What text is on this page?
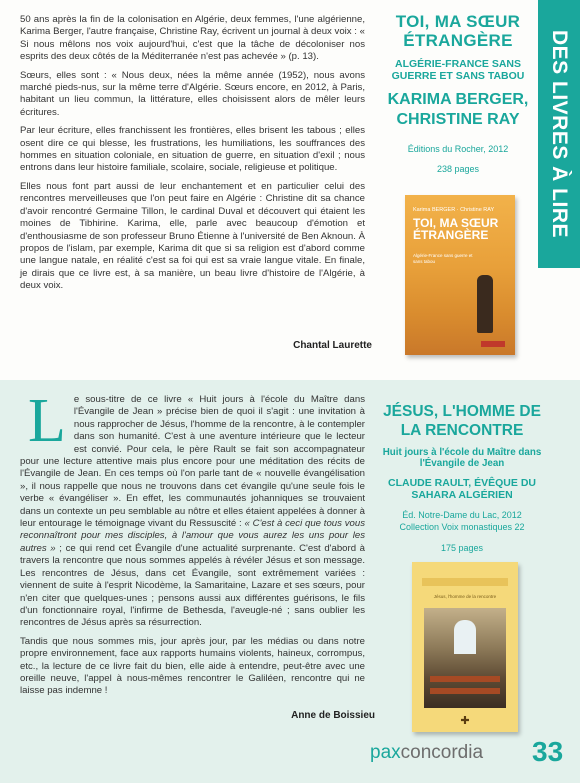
50 ans après la fin de la colonisation en Algérie, deux femmes, l'une algérienne, Karima Berger, l'autre française, Christine Ray, écrivent un journal à deux voix : « Si nous mêlons nos voix aujourd'hui, c'est que la tâche de décoloniser nos esprits des deux côtés de la Méditerranée n'est pas achevée » (p. 13).

Sœurs, elles sont : « Nous deux, nées la même année (1952), nous avons marché pieds-nus, sur la même terre d'Algérie. Sœurs encore, en 2012, à Paris, habitant un lieu commun, la littérature, elles choisissent alors de mêler leurs écritures.

Par leur écriture, elles franchissent les frontières, elles brisent les tabous ; elles osent dire ce qui blesse, les frustrations, les humiliations, les souffrances des hommes en situation coloniale, en situation de guerre, en situation d'exil ; nous entrons dans leur histoire familiale, scolaire, sociale, religieuse et politique.

Elles nous font part aussi de leur enchantement et en particulier celui des rencontres merveilleuses que l'on peut faire en Algérie : Christine dit sa chance d'avoir rencontré Germaine Tillon, le cardinal Duval et découvert qui étaient les moines de Tibhirine. Karima, elle, parle avec beaucoup d'émotion et d'enthousiasme de son professeur Bruno Étienne à l'université de Ben Aknoun. À propos de l'islam, par exemple, Karima dit que si sa religion est d'abord comme une langue natale, en réalité c'est sa foi qui est sa vraie langue vitale. En finale, je dirais que ce livre est, à sa manière, un beau livre d'histoire de l'Algérie, à deux voix.

Chantal Laurette
TOI, MA SŒUR ÉTRANGÈRE
ALGÉRIE-FRANCE SANS GUERRE ET SANS TABOU
KARIMA BERGER, CHRISTINE RAY
Éditions du Rocher, 2012
238 pages
Karima BERGER · Christine RAY
TOI, MA SŒUR ÉTRANGÈRE
Algérie-France sans guerre et sans tabou
DES LIVRES À LIRE

Le sous-titre de ce livre « Huit jours à l'école du Maître dans l'Évangile de Jean » précise bien de quoi il s'agit : une invitation à nous rapprocher de Jésus, l'homme de la rencontre, à le contempler dans son humanité. C'est à une aventure intérieure que le lecteur est convié. Pour cela, le père Rault se fait son accompagnateur pour une lecture attentive mais plus encore pour une méditation des récits de l'Évangile de Jean. En ces temps où l'on parle tant de « nouvelle évangélisation », il nous rappelle que nous ne trouvons dans cet évangile qu'une seule fois le verbe « évangéliser ». En effet, les communautés johanniques se trouvaient dans un contexte un peu semblable au nôtre et elles étaient appelées à donner à leur entourage le témoignage vivant du Ressuscité : « C'est à ceci que tous vous reconnaîtront pour mes disciples, à l'amour que vous aurez les uns pour les autres » ; ce qui rend cet Évangile d'une actualité surprenante. C'est d'abord à travers la rencontre que nous sommes appelés à révéler Jésus et son message. Les rencontres de Jésus, dans cet Évangile, sont extrêmement variées : viennent de suite à l'esprit Nicodème, la Samaritaine, Lazare et ses sœurs, pour n'en citer que quelques-unes ; pensons aussi aux différentes guérisons, le fils d'un fonctionnaire royal, l'infirme de Bethesda, l'aveugle-né ; sans oublier les rencontres de Jésus après sa résurrection.

Tandis que nous sommes mis, jour après jour, par les médias ou dans notre propre environnement, face aux rapports humains violents, haineux, corrompus, etc., la lecture de ce livre fait du bien, elle aide à entendre, peut-être avec une oreille neuve, l'appel à nous-mêmes rencontrer le Galiléen, rencontre qui ne laisse pas indemne !

Anne de Boissieu
JÉSUS, L'HOMME DE LA RENCONTRE
Huit jours à l'école du Maître dans l'Évangile de Jean
CLAUDE RAULT, ÉVÊQUE DU SAHARA ALGÉRIEN
Éd. Notre-Dame du Lac, 2012
Collection Voix monastiques 22
175 pages
Jésus, l'homme de la rencontre
✚
paxconcordia 33
